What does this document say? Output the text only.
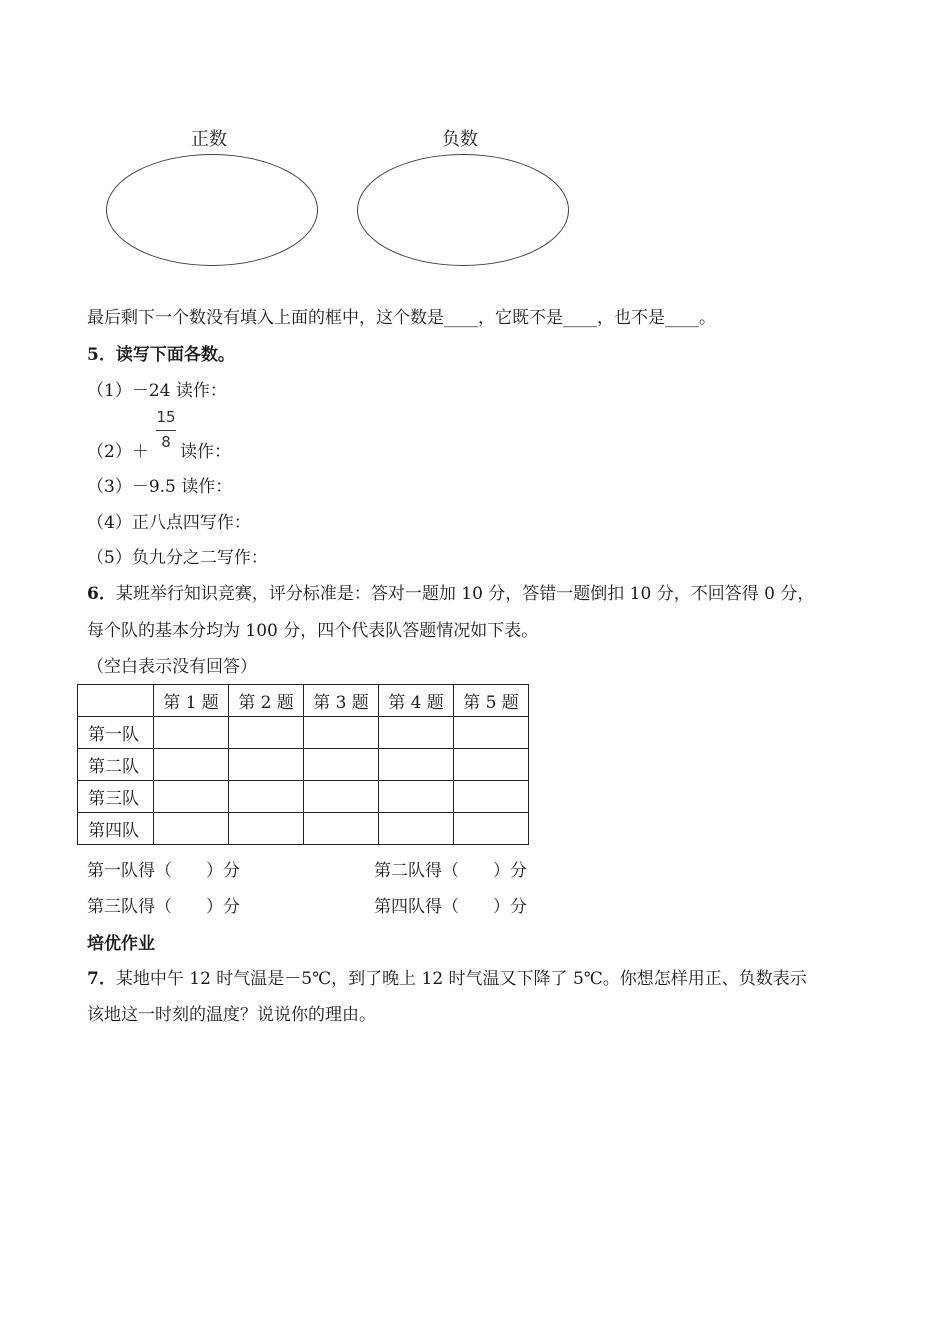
正数	负数
最后剩下一个数没有填入上面的框中，这个数是____，它既不是____，也不是____。
5．读写下面各数。
（1）－24 读作：
（2）＋
15
8 读作：
（3）－9.5 读作：
（4）正八点四写作：
（5）负九分之二写作：
6．某班举行知识竞赛，评分标准是：答对一题加 10 分，答错一题倒扣 10 分，不回答得 0 分，
每个队的基本分均为 100 分，四个代表队答题情况如下表。
（空白表示没有回答）
	第 1 题	第 2 题	第 3 题	第 4 题	第 5 题
第一队					
第二队					
第三队					
第四队					
第一队得（　　）分	第二队得（　　）分
第三队得（　　）分	第四队得（　　）分
培优作业
7．某地中午 12 时气温是－5℃，到了晚上 12 时气温又下降了 5℃。你想怎样用正、负数表示
该地这一时刻的温度？说说你的理由。
